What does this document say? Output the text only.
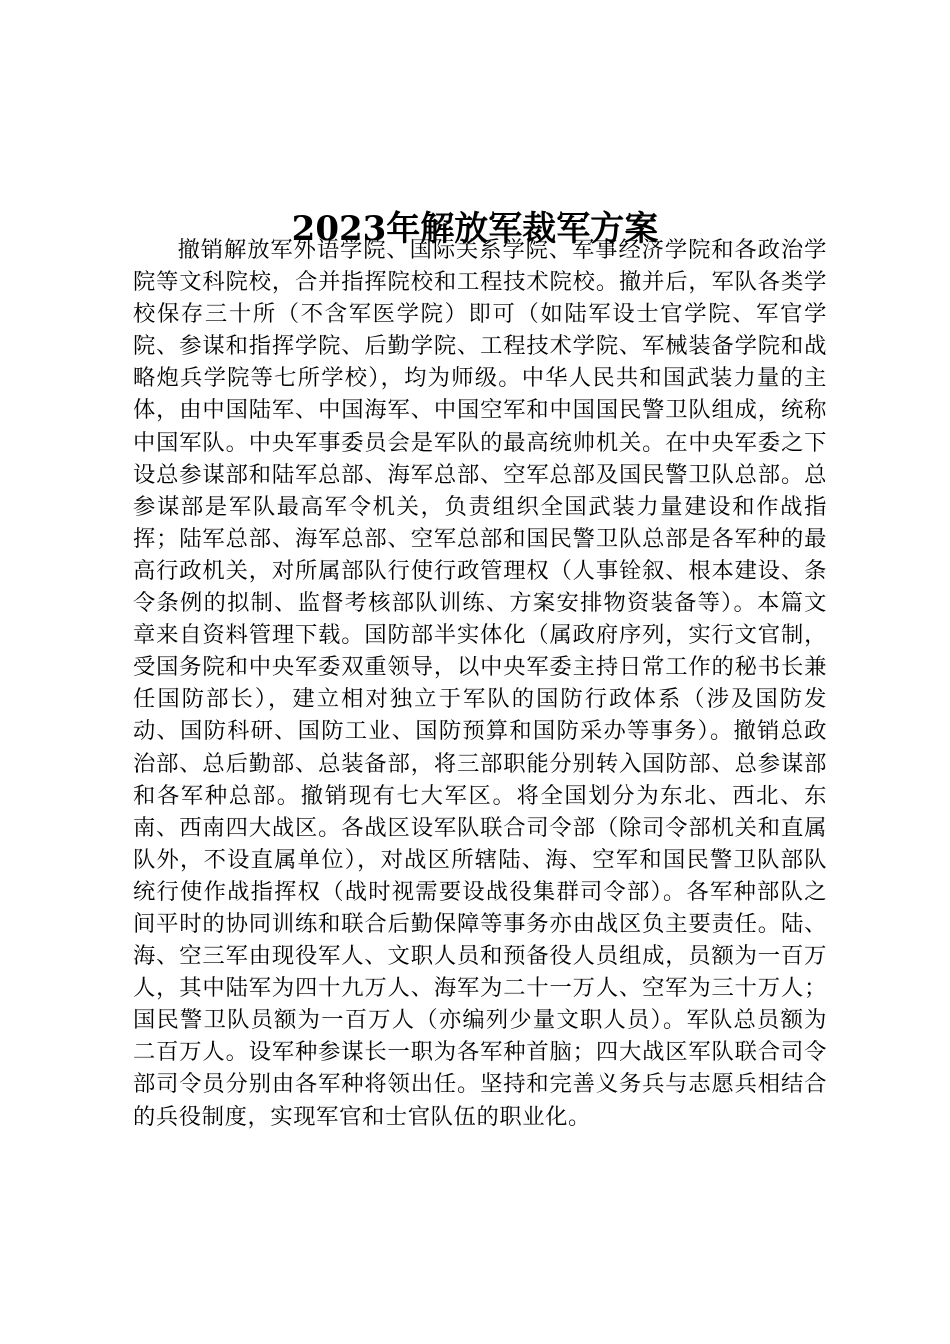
2023年解放军裁军方案

撤销解放军外语学院、国际关系学院、军事经济学院和各政治学院等文科院校，合并指挥院校和工程技术院校。撤并后，军队各类学校保存三十所（不含军医学院）即可（如陆军设士官学院、军官学院、参谋和指挥学院、后勤学院、工程技术学院、军械装备学院和战略炮兵学院等七所学校），均为师级。中华人民共和国武装力量的主体，由中国陆军、中国海军、中国空军和中国国民警卫队组成，统称中国军队。中央军事委员会是军队的最高统帅机关。在中央军委之下设总参谋部和陆军总部、海军总部、空军总部及国民警卫队总部。总参谋部是军队最高军令机关，负责组织全国武装力量建设和作战指挥；陆军总部、海军总部、空军总部和国民警卫队总部是各军种的最高行政机关，对所属部队行使行政管理权（人事铨叙、根本建设、条令条例的拟制、监督考核部队训练、方案安排物资装备等）。本篇文章来自资料管理下载。国防部半实体化（属政府序列，实行文官制，受国务院和中央军委双重领导，以中央军委主持日常工作的秘书长兼任国防部长），建立相对独立于军队的国防行政体系（涉及国防发动、国防科研、国防工业、国防预算和国防采办等事务）。撤销总政治部、总后勤部、总装备部，将三部职能分别转入国防部、总参谋部和各军种总部。撤销现有七大军区。将全国划分为东北、西北、东南、西南四大战区。各战区设军队联合司令部（除司令部机关和直属队外，不设直属单位），对战区所辖陆、海、空军和国民警卫队部队统行使作战指挥权（战时视需要设战役集群司令部）。各军种部队之间平时的协同训练和联合后勤保障等事务亦由战区负主要责任。陆、海、空三军由现役军人、文职人员和预备役人员组成，员额为一百万人，其中陆军为四十九万人、海军为二十一万人、空军为三十万人；国民警卫队员额为一百万人（亦编列少量文职人员）。军队总员额为二百万人。设军种参谋长一职为各军种首脑；四大战区军队联合司令部司令员分别由各军种将领出任。坚持和完善义务兵与志愿兵相结合的兵役制度，实现军官和士官队伍的职业化。
